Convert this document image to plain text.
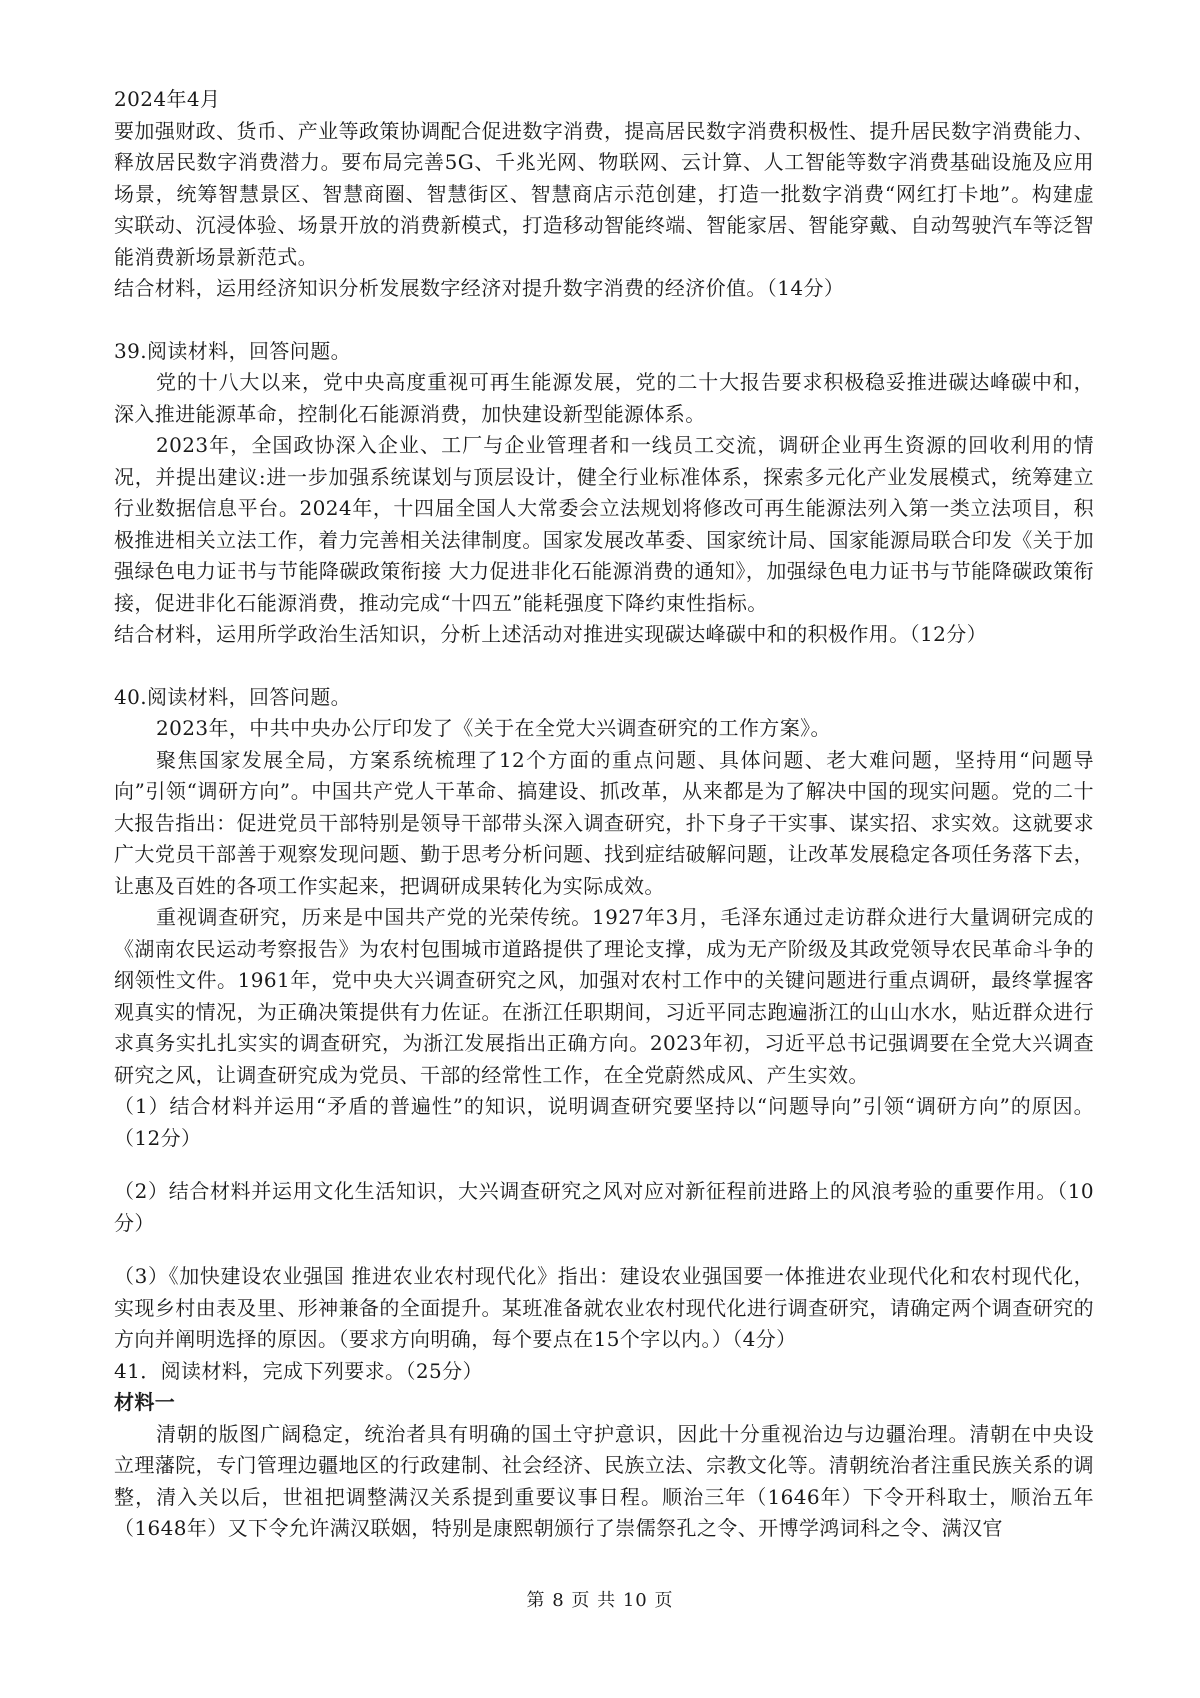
2024年4月

要加强财政、货币、产业等政策协调配合促进数字消费，提高居民数字消费积极性、提升居民数字消费能力、释放居民数字消费潜力。要布局完善5G、千兆光网、物联网、云计算、人工智能等数字消费基础设施及应用场景，统筹智慧景区、智慧商圈、智慧街区、智慧商店示范创建，打造一批数字消费“网红打卡地”。构建虚实联动、沉浸体验、场景开放的消费新模式，打造移动智能终端、智能家居、智能穿戴、自动驾驶汽车等泛智能消费新场景新范式。

结合材料，运用经济知识分析发展数字经济对提升数字消费的经济价值。（14分）

39.阅读材料，回答问题。

党的十八大以来，党中央高度重视可再生能源发展，党的二十大报告要求积极稳妥推进碳达峰碳中和，深入推进能源革命，控制化石能源消费，加快建设新型能源体系。

2023年，全国政协深入企业、工厂与企业管理者和一线员工交流，调研企业再生资源的回收利用的情况，并提出建议:进一步加强系统谋划与顶层设计，健全行业标准体系，探索多元化产业发展模式，统筹建立行业数据信息平台。2024年，十四届全国人大常委会立法规划将修改可再生能源法列入第一类立法项目，积极推进相关立法工作，着力完善相关法律制度。国家发展改革委、国家统计局、国家能源局联合印发《关于加强绿色电力证书与节能降碳政策衔接 大力促进非化石能源消费的通知》，加强绿色电力证书与节能降碳政策衔接，促进非化石能源消费，推动完成“十四五”能耗强度下降约束性指标。

结合材料，运用所学政治生活知识，分析上述活动对推进实现碳达峰碳中和的积极作用。（12分）

40.阅读材料，回答问题。

2023年，中共中央办公厅印发了《关于在全党大兴调查研究的工作方案》。

聚焦国家发展全局，方案系统梳理了12个方面的重点问题、具体问题、老大难问题，坚持用“问题导向”引领“调研方向”。中国共产党人干革命、搞建设、抓改革，从来都是为了解决中国的现实问题。党的二十大报告指出：促进党员干部特别是领导干部带头深入调查研究，扑下身子干实事、谋实招、求实效。这就要求广大党员干部善于观察发现问题、勤于思考分析问题、找到症结破解问题，让改革发展稳定各项任务落下去，让惠及百姓的各项工作实起来，把调研成果转化为实际成效。

重视调查研究，历来是中国共产党的光荣传统。1927年3月，毛泽东通过走访群众进行大量调研完成的《湖南农民运动考察报告》为农村包围城市道路提供了理论支撑，成为无产阶级及其政党领导农民革命斗争的纲领性文件。1961年，党中央大兴调查研究之风，加强对农村工作中的关键问题进行重点调研，最终掌握客观真实的情况，为正确决策提供有力佐证。在浙江任职期间，习近平同志跑遍浙江的山山水水，贴近群众进行求真务实扎扎实实的调查研究，为浙江发展指出正确方向。2023年初，习近平总书记强调要在全党大兴调查研究之风，让调查研究成为党员、干部的经常性工作，在全党蔚然成风、产生实效。

（1）结合材料并运用“矛盾的普遍性”的知识，说明调查研究要坚持以“问题导向”引领“调研方向”的原因。（12分）

（2）结合材料并运用文化生活知识，大兴调查研究之风对应对新征程前进路上的风浪考验的重要作用。（10分）

（3）《加快建设农业强国 推进农业农村现代化》指出：建设农业强国要一体推进农业现代化和农村现代化，实现乡村由表及里、形神兼备的全面提升。某班准备就农业农村现代化进行调查研究，请确定两个调查研究的方向并阐明选择的原因。（要求方向明确，每个要点在15个字以内。）（4分）

41．阅读材料，完成下列要求。（25分）

材料一

清朝的版图广阔稳定，统治者具有明确的国土守护意识，因此十分重视治边与边疆治理。清朝在中央设立理藩院，专门管理边疆地区的行政建制、社会经济、民族立法、宗教文化等。清朝统治者注重民族关系的调整，清入关以后，世祖把调整满汉关系提到重要议事日程。顺治三年（1646年）下令开科取士，顺治五年（1648年）又下令允许满汉联姻，特别是康熙朝颁行了崇儒祭孔之令、开博学鸿词科之令、满汉官

第 8 页 共 10 页
